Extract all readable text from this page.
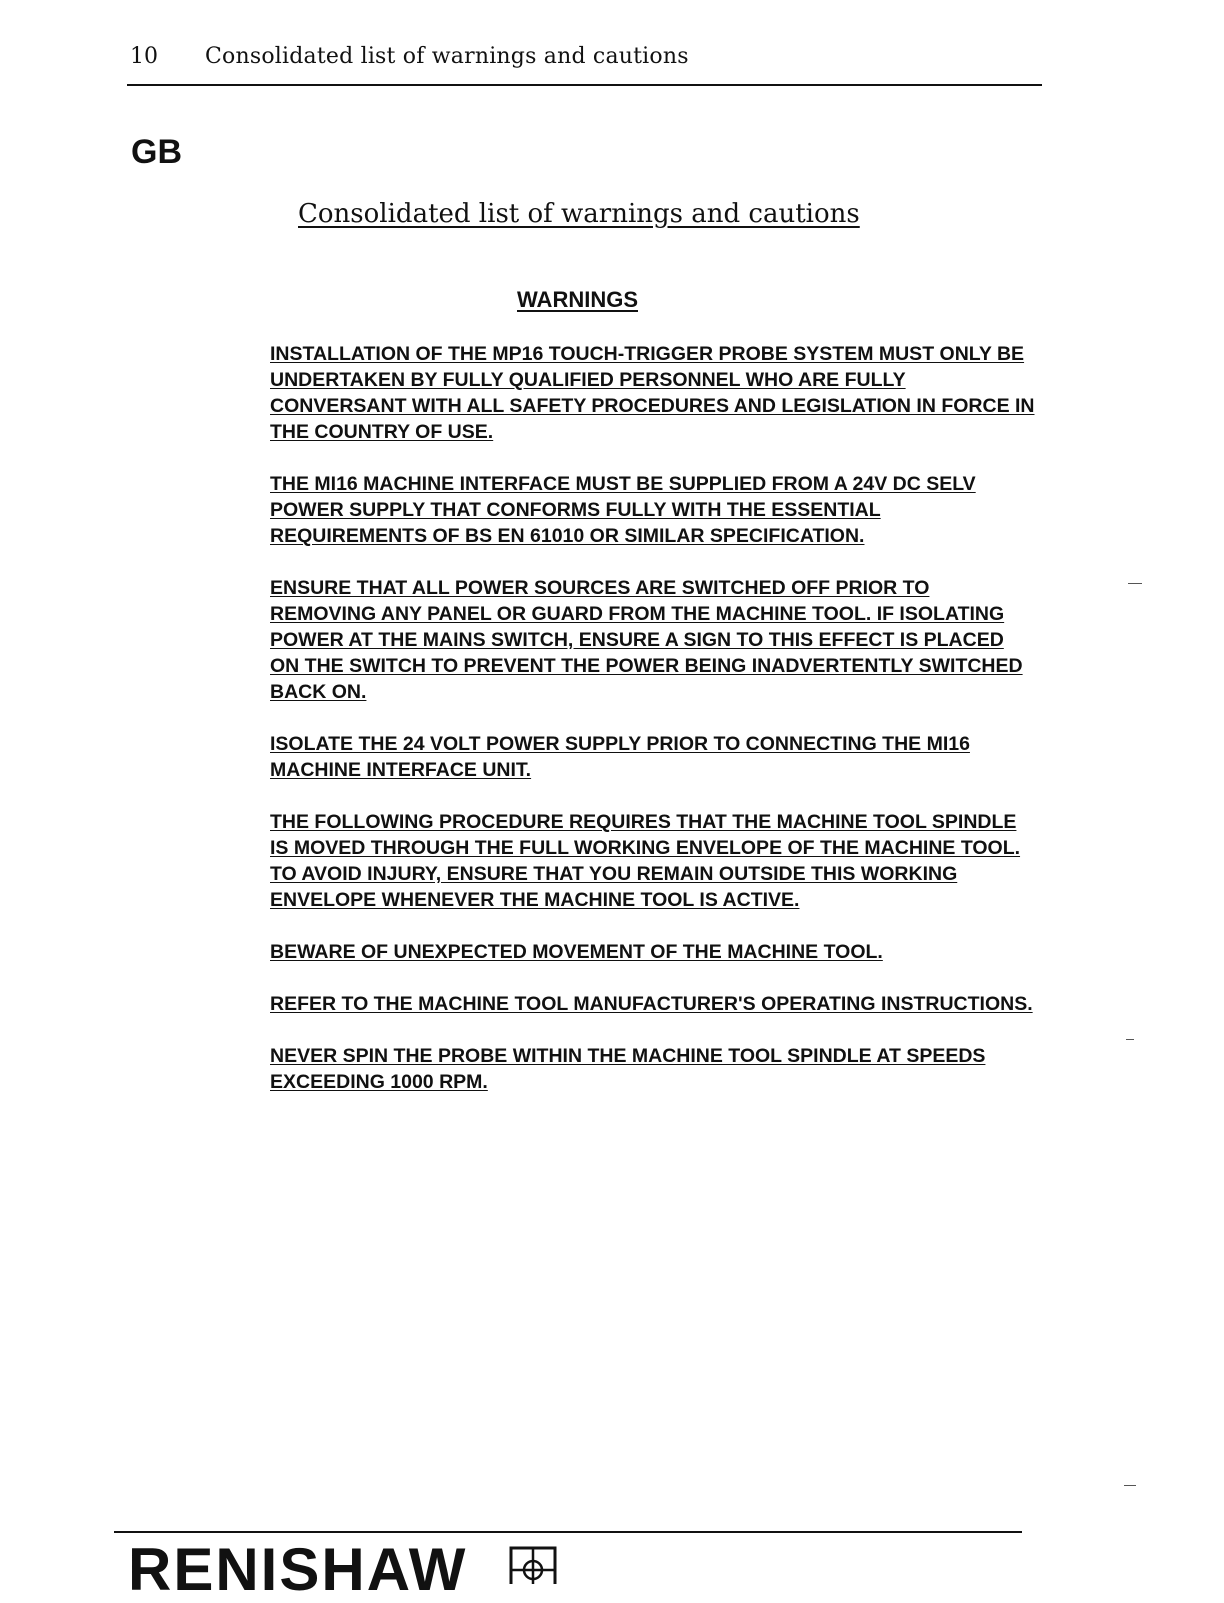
10 Consolidated list of warnings and cautions
GB
Consolidated list of warnings and cautions
WARNINGS
INSTALLATION OF THE MP16 TOUCH-TRIGGER PROBE SYSTEM MUST ONLY BE UNDERTAKEN BY FULLY QUALIFIED PERSONNEL WHO ARE FULLY CONVERSANT WITH ALL SAFETY PROCEDURES AND LEGISLATION IN FORCE IN THE COUNTRY OF USE.
THE MI16 MACHINE INTERFACE MUST BE SUPPLIED FROM A 24V DC SELV POWER SUPPLY THAT CONFORMS FULLY WITH THE ESSENTIAL REQUIREMENTS OF BS EN 61010 OR SIMILAR SPECIFICATION.
ENSURE THAT ALL POWER SOURCES ARE SWITCHED OFF PRIOR TO REMOVING ANY PANEL OR GUARD FROM THE MACHINE TOOL. IF ISOLATING POWER AT THE MAINS SWITCH, ENSURE A SIGN TO THIS EFFECT IS PLACED ON THE SWITCH TO PREVENT THE POWER BEING INADVERTENTLY SWITCHED BACK ON.
ISOLATE THE 24 VOLT POWER SUPPLY PRIOR TO CONNECTING THE MI16 MACHINE INTERFACE UNIT.
THE FOLLOWING PROCEDURE REQUIRES THAT THE MACHINE TOOL SPINDLE IS MOVED THROUGH THE FULL WORKING ENVELOPE OF THE MACHINE TOOL. TO AVOID INJURY, ENSURE THAT YOU REMAIN OUTSIDE THIS WORKING ENVELOPE WHENEVER THE MACHINE TOOL IS ACTIVE.
BEWARE OF UNEXPECTED MOVEMENT OF THE MACHINE TOOL.
REFER TO THE MACHINE TOOL MANUFACTURER'S OPERATING INSTRUCTIONS.
NEVER SPIN THE PROBE WITHIN THE MACHINE TOOL SPINDLE AT SPEEDS EXCEEDING 1000 RPM.
RENISHAW
